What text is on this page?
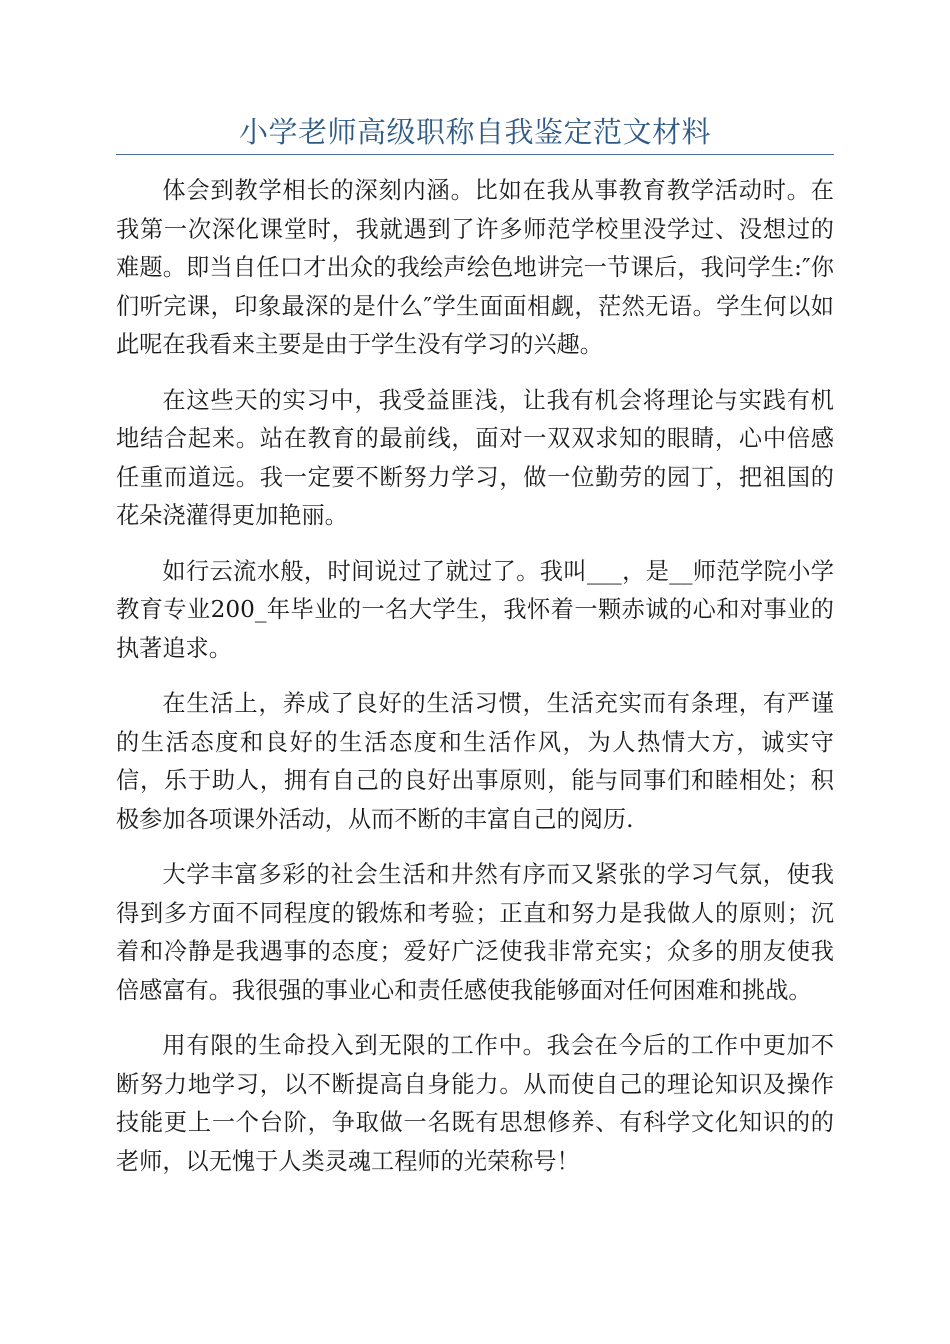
小学老师高级职称自我鉴定范文材料

体会到教学相长的深刻内涵。比如在我从事教育教学活动时。在我第一次深化课堂时，我就遇到了许多师范学校里没学过、没想过的难题。即当自任口才出众的我绘声绘色地讲完一节课后，我问学生:″你们听完课，印象最深的是什么″学生面面相觑，茫然无语。学生何以如此呢在我看来主要是由于学生没有学习的兴趣。

在这些天的实习中，我受益匪浅，让我有机会将理论与实践有机地结合起来。站在教育的最前线，面对一双双求知的眼睛，心中倍感任重而道远。我一定要不断努力学习，做一位勤劳的园丁，把祖国的花朵浇灌得更加艳丽。

如行云流水般，时间说过了就过了。我叫___，是__师范学院小学教育专业200_年毕业的一名大学生，我怀着一颗赤诚的心和对事业的执著追求。

在生活上，养成了良好的生活习惯，生活充实而有条理，有严谨的生活态度和良好的生活态度和生活作风，为人热情大方，诚实守信，乐于助人，拥有自己的良好出事原则，能与同事们和睦相处；积极参加各项课外活动，从而不断的丰富自己的阅历.

大学丰富多彩的社会生活和井然有序而又紧张的学习气氛，使我得到多方面不同程度的锻炼和考验；正直和努力是我做人的原则；沉着和冷静是我遇事的态度；爱好广泛使我非常充实；众多的朋友使我倍感富有。我很强的事业心和责任感使我能够面对任何困难和挑战。

用有限的生命投入到无限的工作中。我会在今后的工作中更加不断努力地学习，以不断提高自身能力。从而使自己的理论知识及操作技能更上一个台阶，争取做一名既有思想修养、有科学文化知识的的老师，以无愧于人类灵魂工程师的光荣称号！
